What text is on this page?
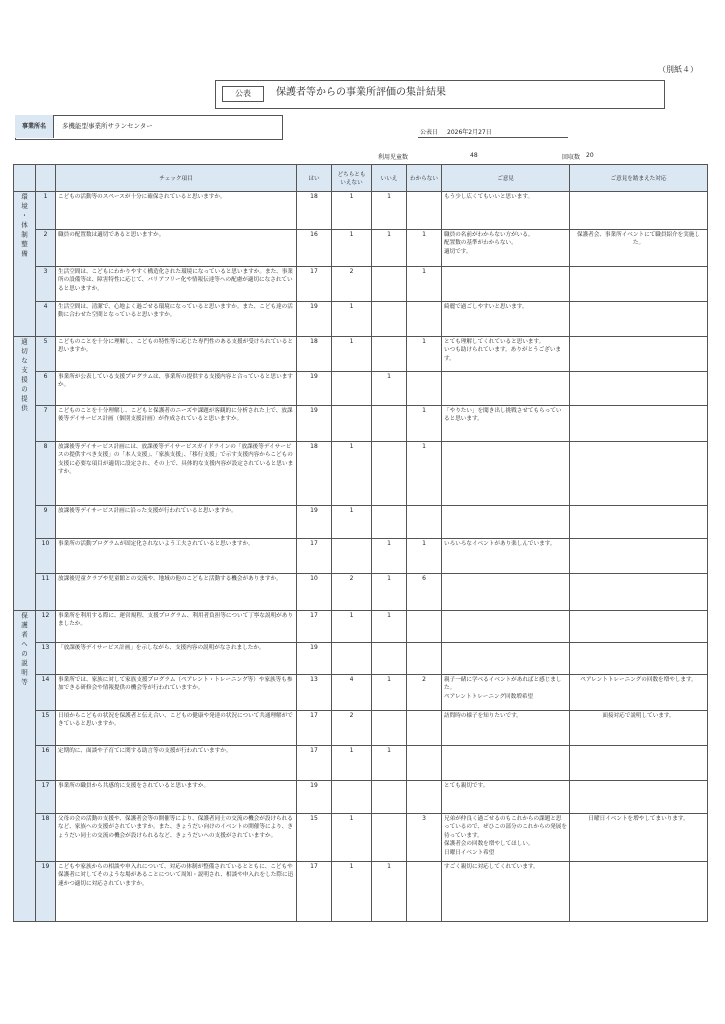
（別紙４）
公表	保護者等からの事業所評価の集計結果
事業所名	多機能型事業所サランセンター
公表日 2026年2月27日
利用児童数	48	回収数 20
		チェック項目	はい	どちらとも いえない	いいえ	わからない	ご意見	ご意見を踏まえた対応

環境・体制整備	1	こどもの活動等のスペースが十分に確保されていると思いますか。	18	1	1		もう少し広くてもいいと思います。	
	2	職員の配置数は適切であると思いますか。	16	1	1	1	職員の名前がわからない方がいる。
配置数の基準がわからない。
適切です。	保護者会、事業所イベントにて職員紹介を実施した。
	3	生活空間は、こどもにわかりやすく構造化された環境になっていると思いますか。また、事業所の設備等は、障害特性に応じて、バリアフリー化や情報伝達等への配慮が適切になされていると思いますか。	17	2		1		
	4	生活空間は、清潔で、心地よく過ごせる環境になっていると思いますか。また、こども達の活動に合わせた空間となっていると思いますか。	19	1			綺麗で過ごしやすいと思います。	

適切な支援の提供	5	こどものことを十分に理解し、こどもの特性等に応じた専門性のある支援が受けられていると思いますか。	18	1		1	とても理解してくれていると思います。
いつも助けられています。ありがとうございます。	
	6	事業所が公表している支援プログラムは、事業所の提供する支援内容と合っていると思いますか。	19		1			
	7	こどものことを十分理解し、こどもと保護者のニーズや課題が客観的に分析された上で、放課後等デイサービス計画（個別支援計画）が作成されていると思いますか。	19			1	「やりたい」を聞き出し挑戦させてもらっていると思います。	
	8	放課後等デイサービス計画には、放課後等デイサービスガイドラインの「放課後等デイサービスの提供すべき支援」の「本人支援」、「家族支援」、「移行支援」で示す支援内容からこどもの支援に必要な項目が適切に設定され、その上で、具体的な支援内容が設定されていると思いますか。	18	1		1		
	9	放課後等デイサービス計画に沿った支援が行われていると思いますか。	19	1				
	10	事業所の活動プログラムが固定化されないよう工夫されていると思いますか。	17		1	1	いろいろなイベントがあり楽しんでいます。	
	11	放課後児童クラブや児童館との交流や、地域の他のこどもと活動する機会がありますか。	10	2	1	6		

保護者への説明等	12	事業所を利用する際に、運営規程、支援プログラム、利用者負担等について丁寧な説明がありましたか。	17	1	1			
	13	「放課後等デイサービス計画」を示しながら、支援内容の説明がなされましたか。	19					
	14	事業所では、家族に対して家族支援プログラム（ペアレント・トレーニング等）や家族等も参加できる研修会や情報提供の機会等が行われていますか。	13	4	1	2	親子一緒に学べるイベントがあればと感じました。
ペアレントトレーニング回数増希望	ペアレントトレーニングの回数を増やします。
	15	日頃からこどもの状況を保護者と伝え合い、こどもの健康や発達の状況について共通理解ができていると思いますか。	17	2			訪問時の様子を知りたいです。	面接対応で説明しています。
	16	定期的に、面談や子育てに関する助言等の支援が行われていますか。	17	1	1			
	17	事業所の職員から共感的に支援をされていると思いますか。	19				とても親切です。	
	18	父母の会の活動の支援や、保護者会等の開催等により、保護者同士の交流の機会が設けられるなど、家族への支援がされていますか。また、きょうだい向けのイベントの開催等により、きょうだい同士の交流の機会が設けられるなど、きょうだいへの支援がされていますか。	15	1		3	兄弟が仲良く過ごせるのもこれからの課題と思っているので、ぜひこの部分のこれからの発展を待っています。
保護者会の回数を増やしてほしい。
日曜日イベント希望	日曜日イベントを増やしてまいります。
	19	こどもや家族からの相談や申入れについて、対応の体制が整備されているとともに、こどもや保護者に対してそのような場があることについて周知・説明され、相談や申入れをした際に迅速かつ適切に対応されていますか。	17	1	1		すごく親切に対応してくれています。	
